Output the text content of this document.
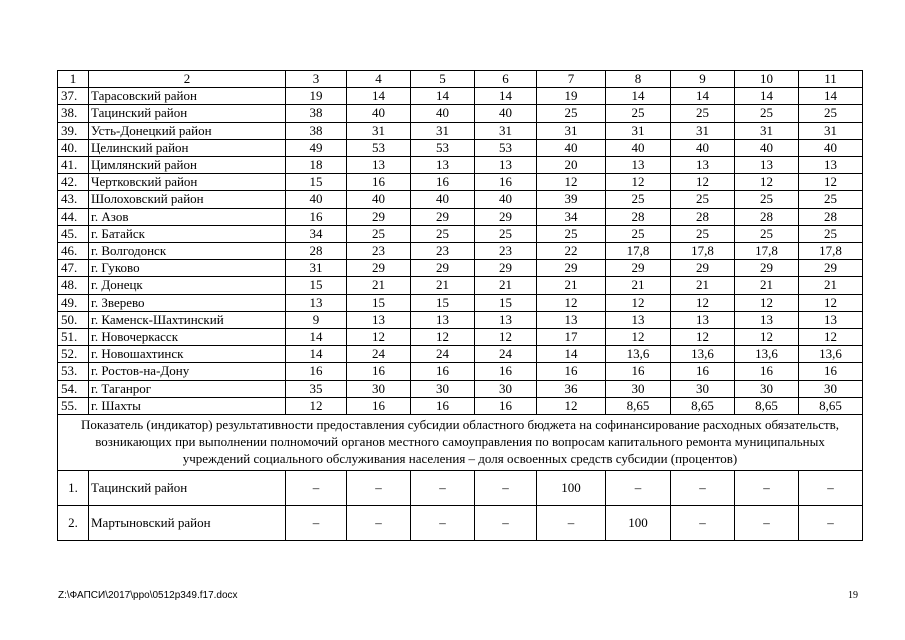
1	2	3	4	5	6	7	8	9	10	11
37.	Тарасовский район	19	14	14	14	19	14	14	14	14
38.	Тацинский район	38	40	40	40	25	25	25	25	25
39.	Усть-Донецкий район	38	31	31	31	31	31	31	31	31
40.	Целинский район	49	53	53	53	40	40	40	40	40
41.	Цимлянский район	18	13	13	13	20	13	13	13	13
42.	Чертковский район	15	16	16	16	12	12	12	12	12
43.	Шолоховский район	40	40	40	40	39	25	25	25	25
44.	г. Азов	16	29	29	29	34	28	28	28	28
45.	г. Батайск	34	25	25	25	25	25	25	25	25
46.	г. Волгодонск	28	23	23	23	22	17,8	17,8	17,8	17,8
47.	г. Гуково	31	29	29	29	29	29	29	29	29
48.	г. Донецк	15	21	21	21	21	21	21	21	21
49.	г. Зверево	13	15	15	15	12	12	12	12	12
50.	г. Каменск-Шахтинский	9	13	13	13	13	13	13	13	13
51.	г. Новочеркасск	14	12	12	12	17	12	12	12	12
52.	г. Новошахтинск	14	24	24	24	14	13,6	13,6	13,6	13,6
53.	г. Ростов-на-Дону	16	16	16	16	16	16	16	16	16
54.	г. Таганрог	35	30	30	30	36	30	30	30	30
55.	г. Шахты	12	16	16	16	12	8,65	8,65	8,65	8,65
Показатель (индикатор) результативности предоставления субсидии областного бюджета на софинансирование расходных обязательств, возникающих при выполнении полномочий органов местного самоуправления по вопросам капитального ремонта муниципальных учреждений социального обслуживания населения – доля освоенных средств субсидии (процентов)										
1.	Тацинский район	–	–	–	–	100	–	–	–	–
2.	Мартыновский район	–	–	–	–	–	100	–	–	–
Z:\ФАПСИ\2017\ppo\0512p349.f17.docx	19
